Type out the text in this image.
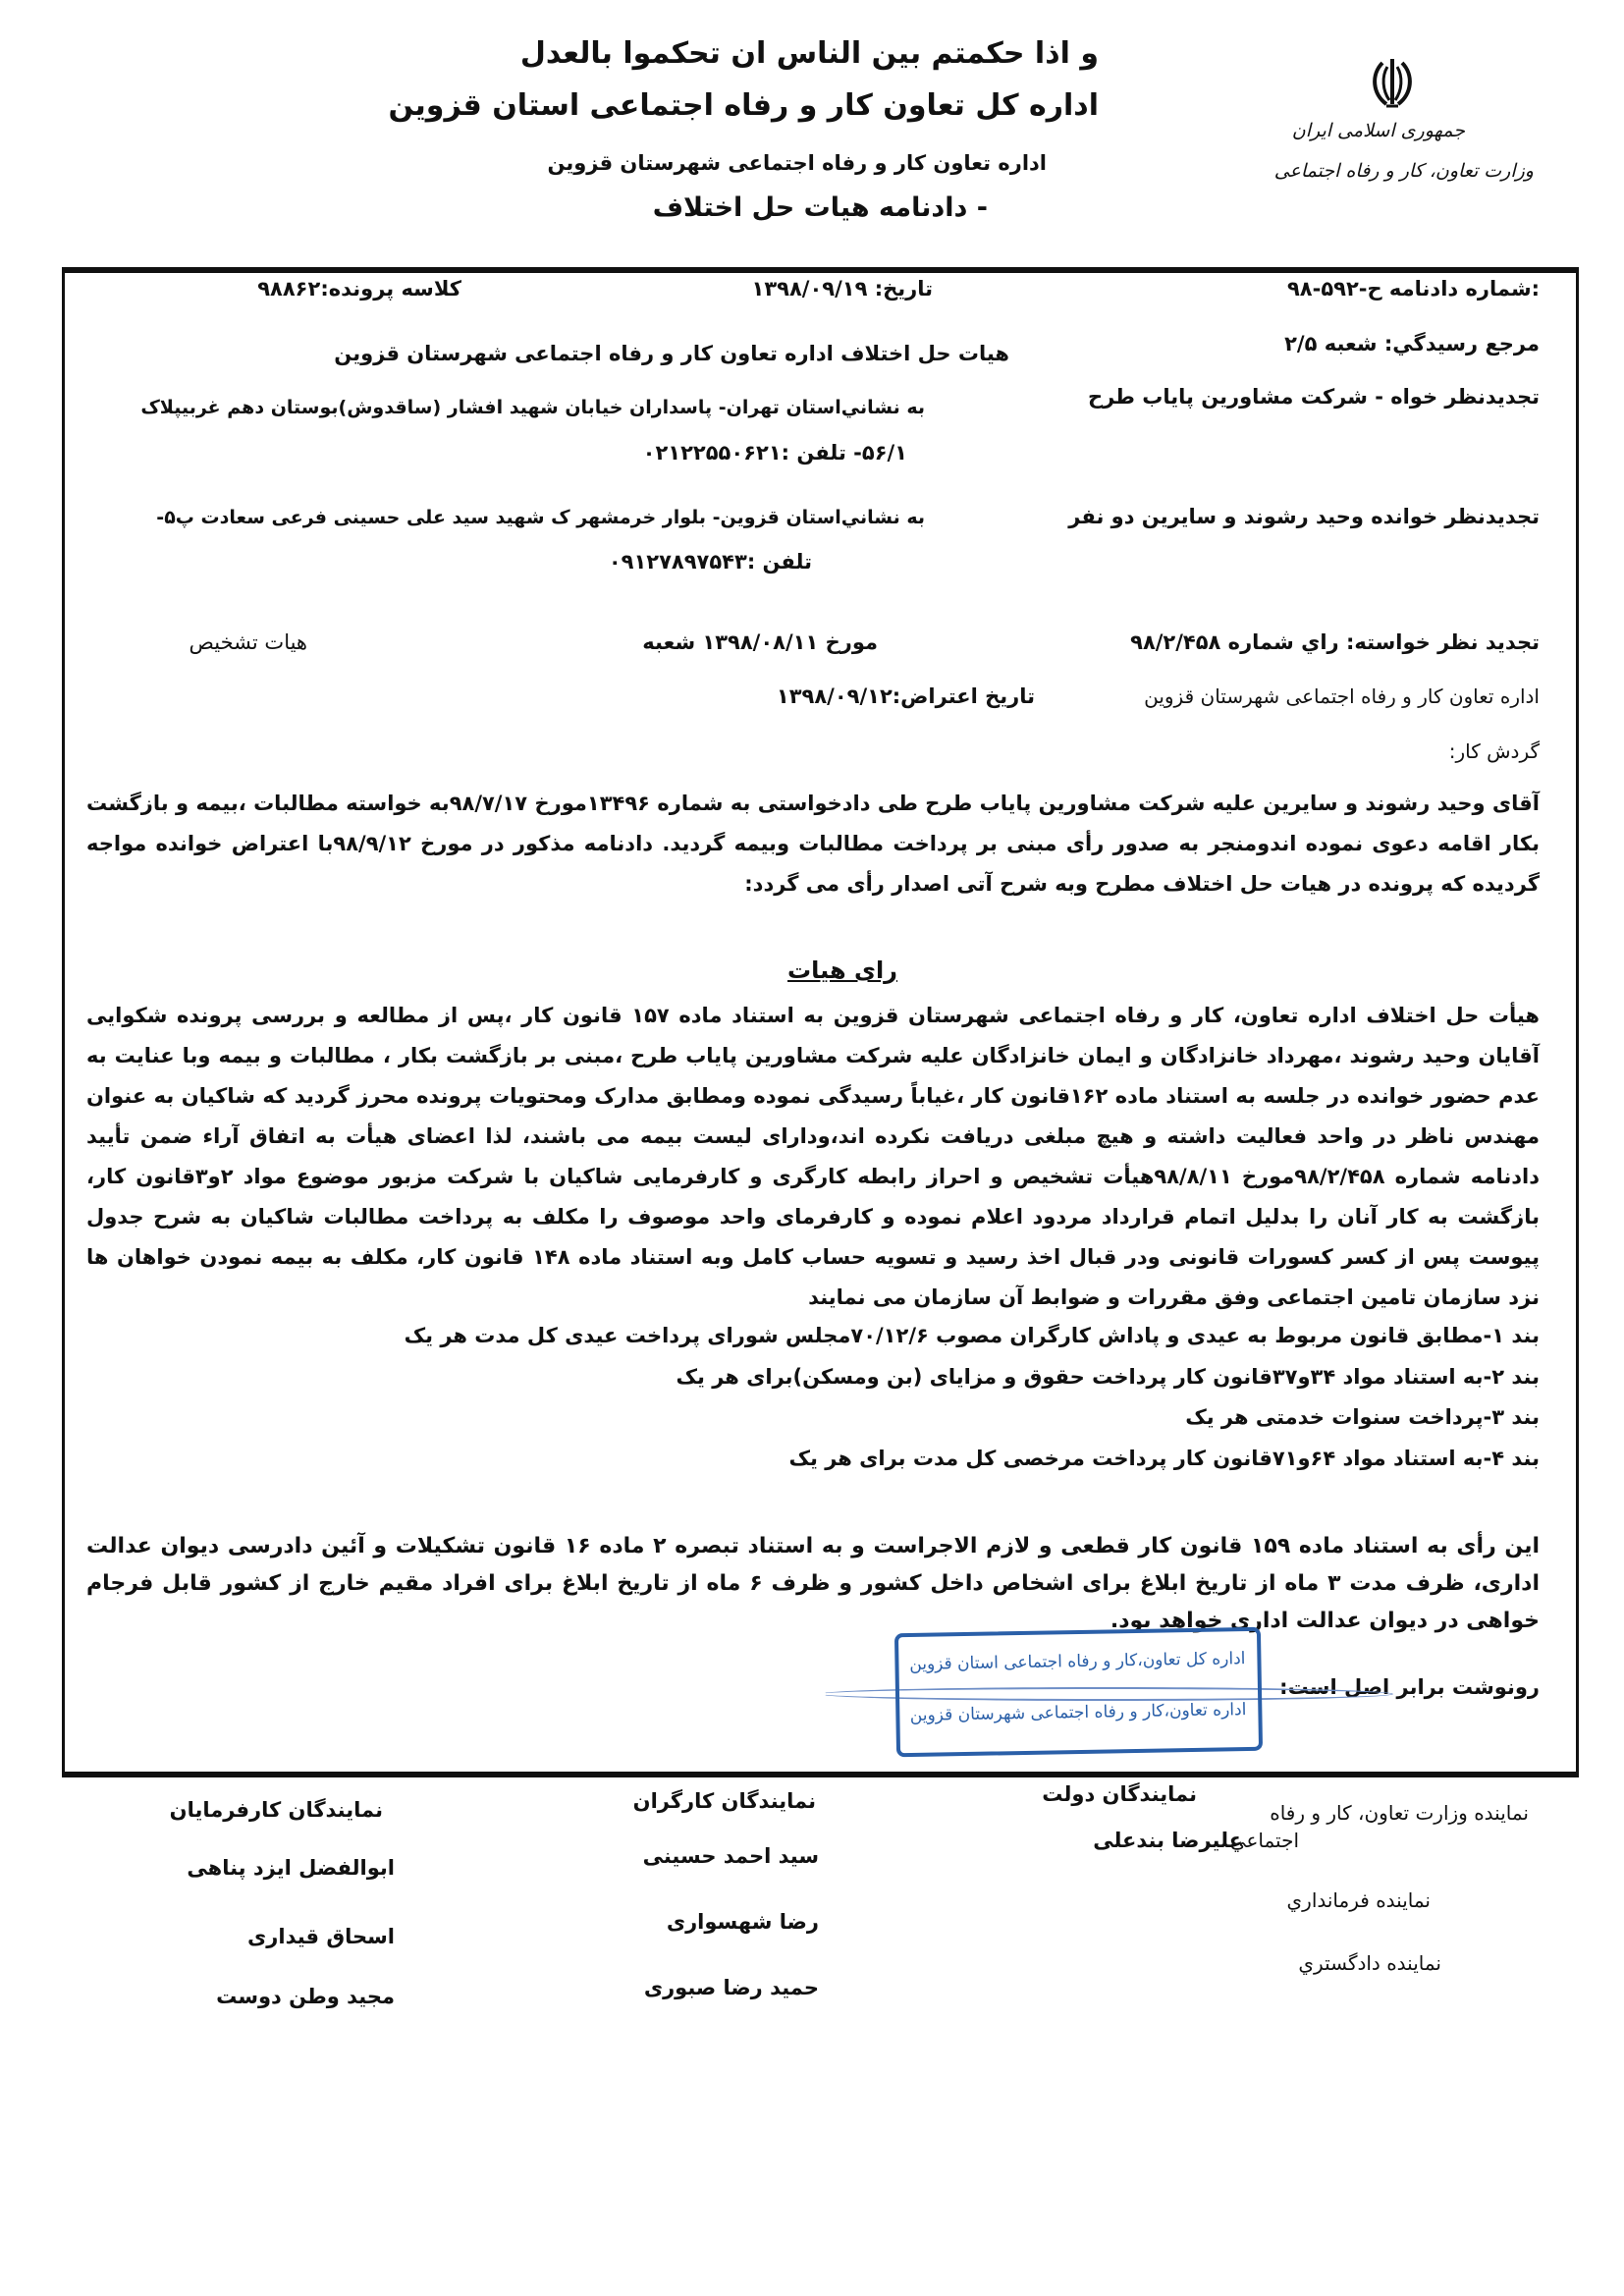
و اذا حکمتم بین الناس ان تحکموا بالعدل
اداره کل تعاون کار و رفاه اجتماعی استان قزوین
اداره تعاون کار و رفاه اجتماعی شهرستان قزوین
- دادنامه هیات حل اختلاف
جمهوری اسلامی ایران
وزارت تعاون، کار و رفاه اجتماعی
:شماره دادنامه ح-۵۹۲-۹۸
تاریخ: ۱۳۹۸/۰۹/۱۹
کلاسه پرونده:۹۸۸۶۲
مرجع رسیدگي: شعبه ۲/۵
هیات حل اختلاف اداره تعاون کار و رفاه اجتماعی شهرستان قزوین
تجدیدنظر خواه - شرکت مشاورین پایاب طرح
به نشاني‌استان تهران- پاسداران خیابان شهید افشار (ساقدوش)بوستان دهم غربیپلاک
۵۶/۱- تلفن :۰۲۱۲۲۵۵۰۶۲۱
تجدیدنظر خوانده وحید رشوند و سایرین دو نفر
به نشاني‌استان قزوین- بلوار خرمشهر ک شهید سید علی حسینی فرعی سعادت پ۵-
تلفن :۰۹۱۲۷۸۹۷۵۴۳
تجدید نظر خواسته: راي شماره ۹۸/۲/۴۵۸
مورخ ۱۳۹۸/۰۸/۱۱ شعبه
هیات تشخیص
اداره تعاون کار و رفاه اجتماعی شهرستان قزوین
تاریخ اعتراض:۱۳۹۸/۰۹/۱۲
گردش کار:
آقای وحید رشوند و سایرین علیه شرکت مشاورین پایاب طرح طی دادخواستی به شماره ۱۳۴۹۶مورخ ۹۸/۷/۱۷به خواسته مطالبات ،بیمه و بازگشت بکار اقامه دعوی نموده اندومنجر به صدور رأی مبنی بر پرداخت مطالبات وبیمه گردید. دادنامه مذکور در مورخ ۹۸/۹/۱۲با اعتراض خوانده مواجه گردیده که پرونده در هیات حل اختلاف مطرح وبه شرح آتی اصدار رأی می گردد:
رای هیات
هیأت حل اختلاف اداره تعاون، کار و رفاه اجتماعی شهرستان قزوین به استناد ماده ۱۵۷ قانون کار ،پس از مطالعه و بررسی پرونده شکوایی آقایان وحید رشوند ،مهرداد خانزادگان و ایمان خانزادگان علیه شرکت مشاورین پایاب طرح ،مبنی بر بازگشت بکار ، مطالبات و بیمه وبا عنایت به عدم حضور خوانده در جلسه به استناد ماده ۱۶۲قانون کار ،غیاباً رسیدگی نموده ومطابق مدارک ومحتویات پرونده محرز گردید که شاکیان به عنوان مهندس ناظر در واحد فعالیت داشته و هیچ مبلغی دریافت نکرده اند،ودارای لیست بیمه می باشند، لذا اعضای هیأت به اتفاق آراء ضمن تأیید دادنامه شماره ۹۸/۲/۴۵۸مورخ ۹۸/۸/۱۱هیأت تشخیص و احراز رابطه کارگری و کارفرمایی شاکیان با شرکت مزبور موضوع مواد ۲و۳قانون کار، بازگشت به کار آنان را بدلیل اتمام قرارداد مردود اعلام نموده و کارفرمای واحد موصوف را مکلف به پرداخت مطالبات شاکیان به شرح جدول پیوست پس از کسر کسورات قانونی ودر قبال اخذ رسید و تسویه حساب کامل وبه استناد ماده ۱۴۸ قانون کار، مکلف به بیمه نمودن خواهان ها نزد سازمان تامین اجتماعی وفق مقررات و ضوابط آن سازمان می نمایند
بند ۱-مطابق قانون مربوط به عیدی و پاداش کارگران مصوب ۷۰/۱۲/۶مجلس شورای پرداخت عیدی کل مدت هر یک
بند ۲-به استناد مواد ۳۴و۳۷قانون کار پرداخت حقوق و مزایای (بن ومسکن)برای هر یک
بند ۳-پرداخت سنوات خدمتی هر یک
بند ۴-به استناد مواد ۶۴و۷۱قانون کار پرداخت مرخصی کل مدت برای هر یک
این رأی به استناد ماده ۱۵۹ قانون کار قطعی و لازم الاجراست و به استناد تبصره ۲ ماده ۱۶ قانون تشکیلات و آئین دادرسی دیوان عدالت اداری، ظرف مدت ۳ ماه از تاریخ ابلاغ برای اشخاص داخل کشور و ظرف ۶ ماه از تاریخ ابلاغ برای افراد مقیم خارج از کشور قابل فرجام خواهی در دیوان عدالت اداری خواهد بود.
رونوشت برابر اصل است:
اداره کل تعاون،کار و رفاه اجتماعی استان قزوین
اداره تعاون،کار و رفاه اجتماعی شهرستان قزوین
نمایندگان دولت
نماینده وزارت تعاون، کار و رفاه
اجتماعي
علیرضا بندعلی
نماینده فرمانداري
نماینده دادگستري
نمایندگان کارگران
سید احمد حسینی
رضا شهسواری
حمید رضا صبوری
نمایندگان کارفرمایان
ابوالفضل ایزد پناهی
اسحاق قیداری
مجید وطن دوست
